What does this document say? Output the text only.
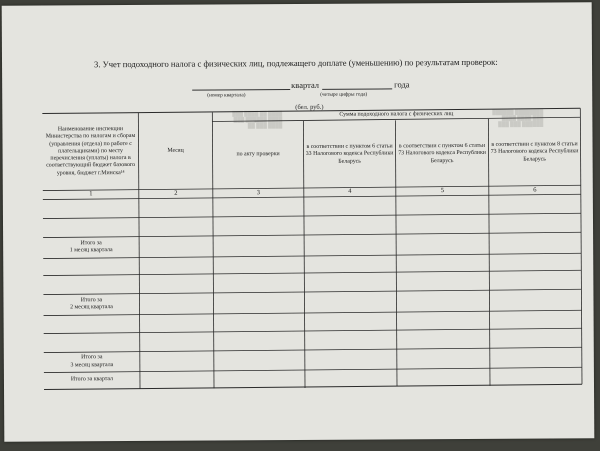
████ ██ ████ ███
████ ██████ ███
████ ███ ██
████████ ██████
███ ████ ████
██████ ███ ███
3. Учет подоходного налога с физических лиц, подлежащего доплате (уменьшению) по результатам проверок:
квартал	года
(номер квартала)	(четыре цифры года)
(бел. руб.)
Наименование инспекции Министерства по налогам и сборам (управления (отдела) по работе с плательщиками) по месту перечисления (уплаты) налога в соответствующий бюджет базового уровня, бюджет г.Минска¹⁴
Месяц
Сумма подоходного налога с физических лиц
по акту проверки
в соответствии с пунктом 6 статьи 33 Налогового кодекса Республики Беларусь
в соответствии с пунктом 6 статьи 73 Налогового кодекса Республики Беларусь
в соответствии с пунктом 8 статьи 73 Налогового кодекса Республики Беларусь
1	2	3	4	5	6
Итого за
1 месяц квартала
Итого за
2 месяц квартала
Итого за
3 месяц квартала
Итого за квартал
